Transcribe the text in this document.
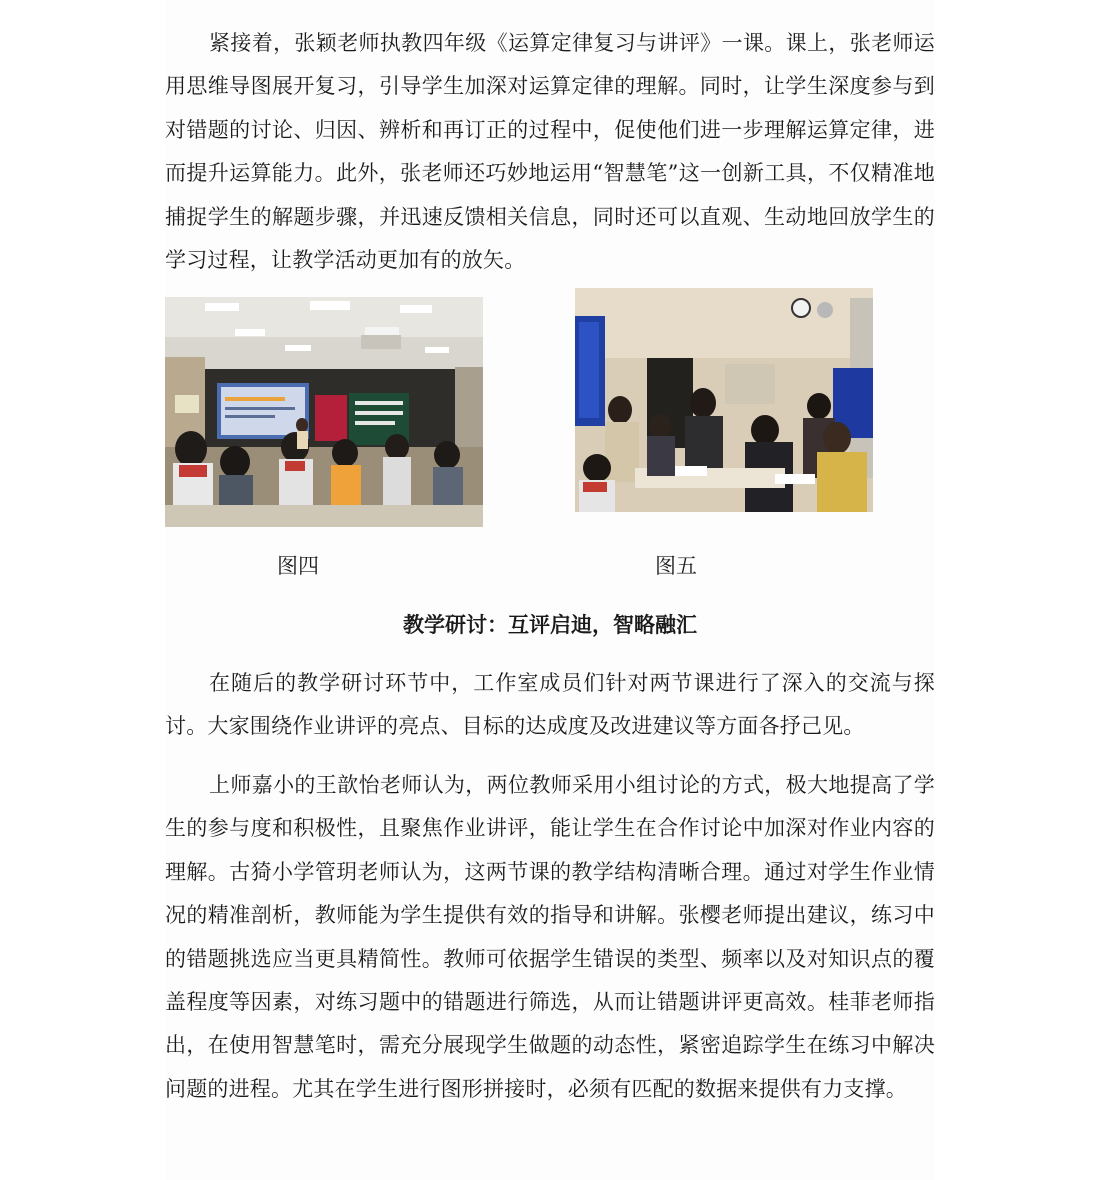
紧接着，张颖老师执教四年级《运算定律复习与讲评》一课。课上，张老师运用思维导图展开复习，引导学生加深对运算定律的理解。同时，让学生深度参与到对错题的讨论、归因、辨析和再订正的过程中，促使他们进一步理解运算定律，进而提升运算能力。此外，张老师还巧妙地运用“智慧笔”这一创新工具，不仅精准地捕捉学生的解题步骤，并迅速反馈相关信息，同时还可以直观、生动地回放学生的学习过程，让教学活动更加有的放矢。

图四	图五
教学研讨：互评启迪，智略融汇

在随后的教学研讨环节中，工作室成员们针对两节课进行了深入的交流与探讨。大家围绕作业讲评的亮点、目标的达成度及改进建议等方面各抒己见。

上师嘉小的王歆怡老师认为，两位教师采用小组讨论的方式，极大地提高了学生的参与度和积极性，且聚焦作业讲评，能让学生在合作讨论中加深对作业内容的理解。古猗小学管玥老师认为，这两节课的教学结构清晰合理。通过对学生作业情况的精准剖析，教师能为学生提供有效的指导和讲解。张樱老师提出建议，练习中的错题挑选应当更具精简性。教师可依据学生错误的类型、频率以及对知识点的覆盖程度等因素，对练习题中的错题进行筛选，从而让错题讲评更高效。桂菲老师指出，在使用智慧笔时，需充分展现学生做题的动态性，紧密追踪学生在练习中解决问题的进程。尤其在学生进行图形拼接时，必须有匹配的数据来提供有力支撑。
